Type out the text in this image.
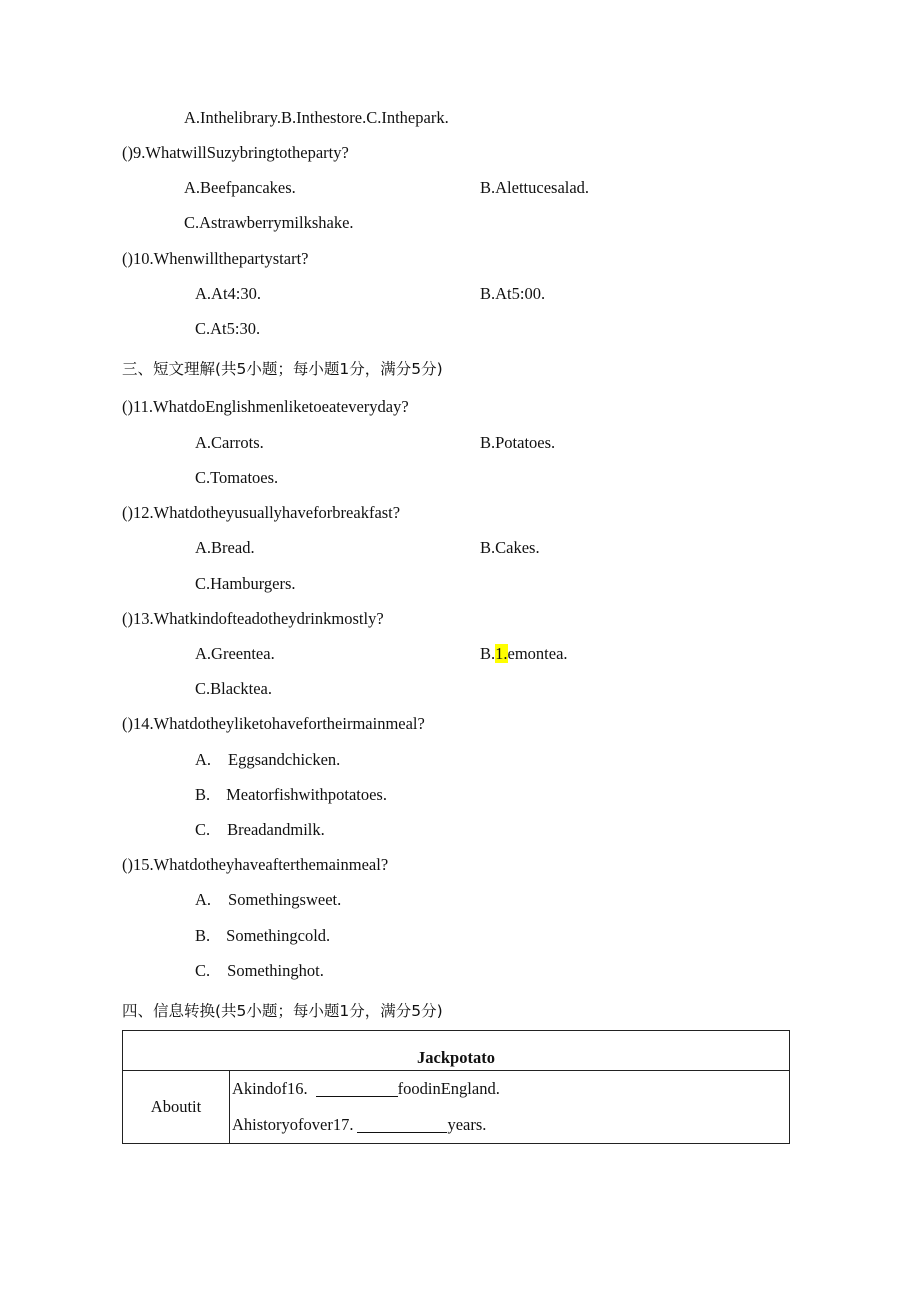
A.Inthelibrary.B.Inthestore.C.Inthepark.
()9.WhatwillSuzybringtotheparty?
A.Beefpancakes.	B.Alettucesalad.
C.Astrawberrymilkshake.
()10.Whenwillthepartystart?
A.At4:30.	B.At5:00.
C.At5:30.
三、短文理解(共5小题；每小题1分，满分5分)
()11.WhatdoEnglishmenliketoeateveryday?
A.Carrots.	B.Potatoes.
C.Tomatoes.
()12.Whatdotheyusuallyhaveforbreakfast?
A.Bread.	B.Cakes.
C.Hamburgers.
()13.Whatkindofteadotheydrinkmostly?
A.Greentea.	B.1.emontea.
C.Blacktea.
()14.Whatdotheyliketohavefortheirmainmeal?
A. Eggsandchicken.
B. Meatorfishwithpotatoes.
C. Breadandmilk.
()15.Whatdotheyhaveafterthemainmeal?
A. Somethingsweet.
B. Somethingcold.
C. Somethinghot.
四、信息转换(共5小题；每小题1分，满分5分)
Jackpotato
Aboutit	
Akindof16.	foodinEngland.
Ahistoryofover17.	years.
